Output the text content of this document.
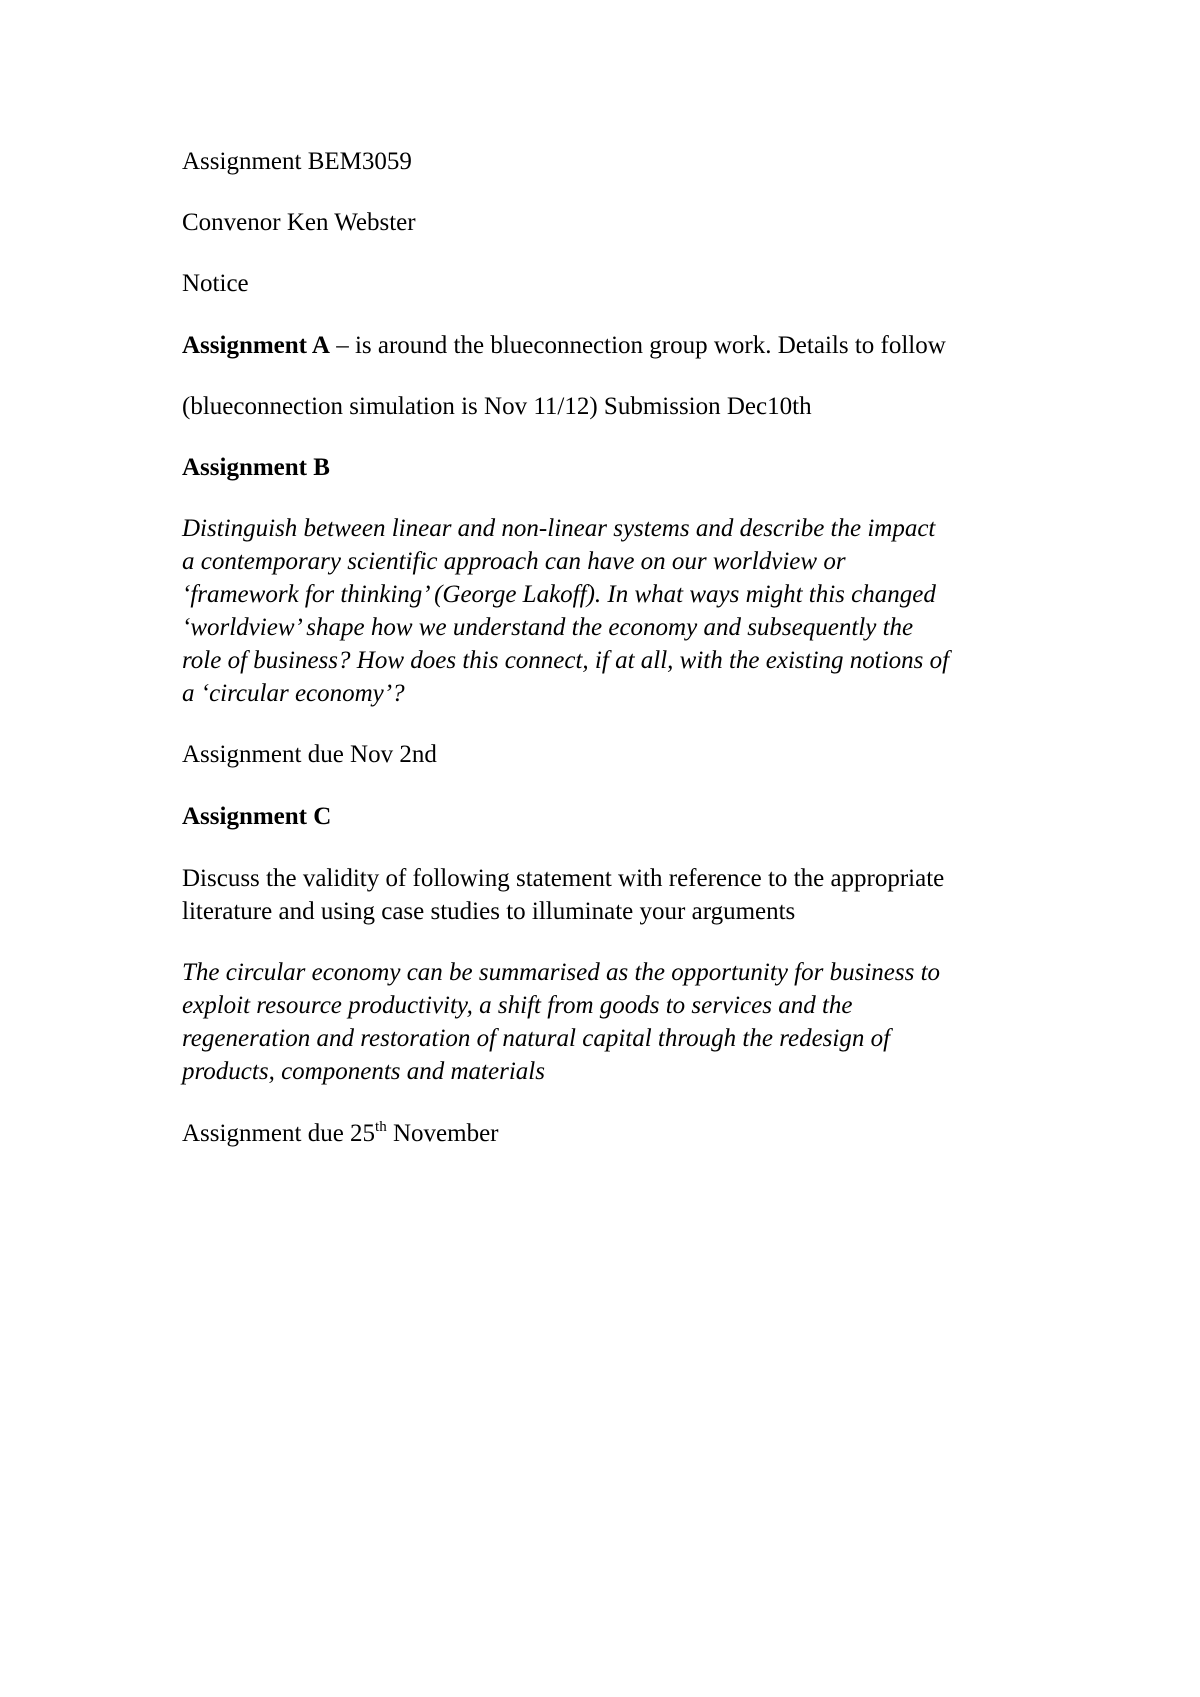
Assignment BEM3059

Convenor Ken Webster

Notice

Assignment A – is around the blueconnection group work. Details to follow

(blueconnection simulation is Nov 11/12) Submission Dec10th

Assignment B

Distinguish between linear and non-linear systems and describe the impact
a contemporary scientific approach can have on our worldview or
‘framework for thinking’ (George Lakoff). In what ways might this changed
‘worldview’ shape how we understand the economy and subsequently the
role of business? How does this connect, if at all, with the existing notions of
a ‘circular economy’?

Assignment due Nov 2nd

Assignment C

Discuss the validity of following statement with reference to the appropriate
literature and using case studies to illuminate your arguments

The circular economy can be summarised as the opportunity for business to
exploit resource productivity, a shift from goods to services and the
regeneration and restoration of natural capital through the redesign of
products, components and materials

Assignment due 25th November
